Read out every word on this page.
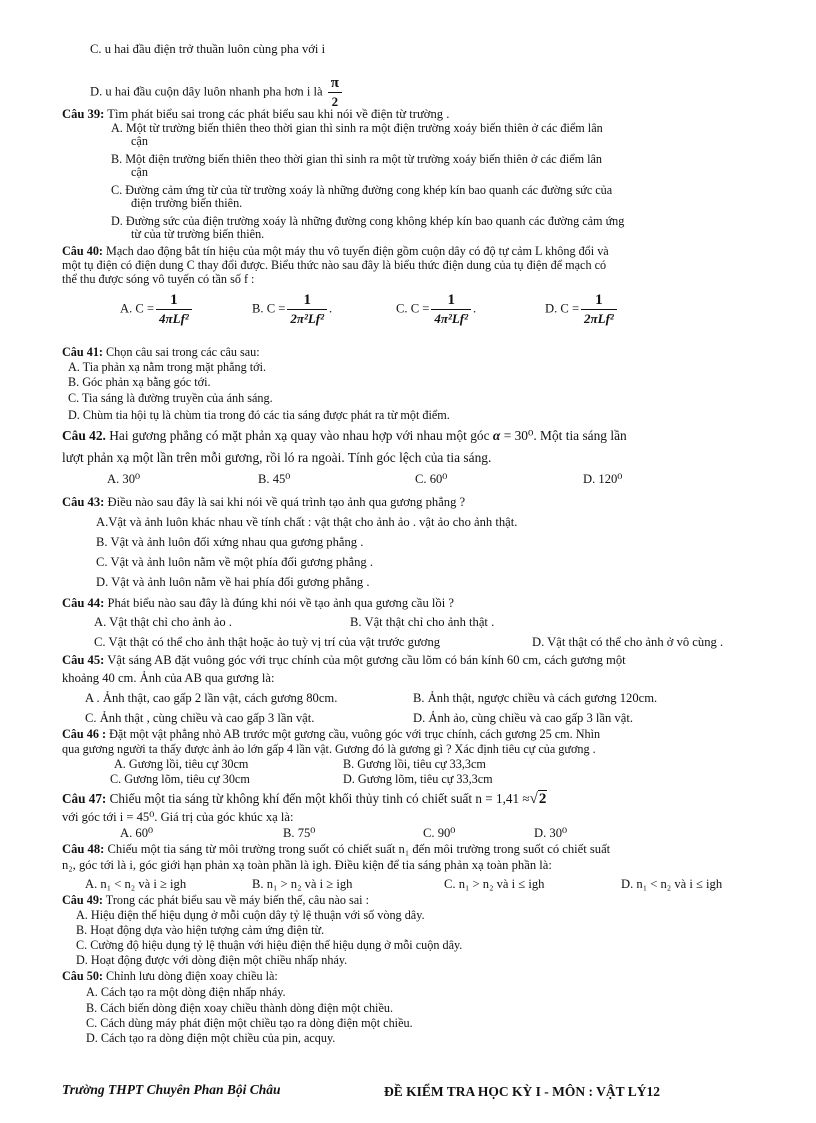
C. u hai đầu điện trở thuần luôn cùng pha với i
D. u hai đầu cuộn dây luôn nhanh pha hơn i là $\frac{\pi}{2}$
Câu 39: Tìm phát biểu sai trong các phát biểu sau khi nói về điện từ trường .
A. Một từ trường biến thiên theo thời gian thì sinh ra một điện trường xoáy biến thiên ở các điểm lân
cận
B. Một điện trường biến thiên theo thời gian thì sinh ra một từ trường xoáy biến thiên ở các điểm lân
cận
C. Đường cảm ứng từ của từ trường xoáy là những đường cong khép kín bao quanh các đường sức của
điện trường biến thiên.
D. Đường sức của điện trường xoáy là những đường cong không khép kín bao quanh các đường cảm ứng
từ của từ trường biến thiên.
Câu 40: Mạch dao động bắt tín hiệu của một máy thu vô tuyến điện gồm cuộn dây có độ tự cảm L không đổi và
một tụ điện có điện dung C thay đổi được. Biểu thức nào sau đây là biểu thức điện dung của tụ điện để mạch có
thể thu được sóng vô tuyến có tần số f :
A. $C = \frac{1}{\text{4πLf²}}$	B. $C = \frac{1}{\text{2π²Lf²}}$ .	C. $C = \frac{1}{\text{4π²Lf²}}$ .	D. $C = \frac{1}{\text{2πLf²}}$
Câu 41: Chọn câu sai trong các câu sau:
A. Tia phản xạ nằm trong mặt phẳng tới.
B. Góc phản xạ bằng góc tới.
C. Tia sáng là đường truyền của ánh sáng.
D. Chùm tia hội tụ là chùm tia trong đó các tia sáng được phát ra từ một điểm.
Câu 42. Hai gương phẳng có mặt phản xạ quay vào nhau hợp với nhau một góc α = 30⁰. Một tia sáng lần
lượt phản xạ một lần trên mỗi gương, rồi ló ra ngoài. Tính góc lệch của tia sáng.
A. 30⁰	B. 45⁰	C. 60⁰	D. 120⁰
Câu 43: Điều nào sau đây là sai khi nói về quá trình tạo ảnh qua gương phẳng ?
A.Vật và ảnh luôn khác nhau về tính chất : vật thật cho ảnh ảo . vật ảo cho ảnh thật.
B. Vật và ảnh luôn đối xứng nhau qua gương phẳng .
C. Vật và ảnh luôn nằm về một phía đối gương phẳng .
D. Vật và ảnh luôn nằm về hai phía đối gương phẳng .
Câu 44: Phát biểu nào sau đây là đúng khi nói về tạo ảnh qua gương cầu lồi ?
A. Vật thật chỉ cho ảnh ảo .	B. Vật thật chỉ cho ảnh thật .
C. Vật thật có thể cho ảnh thật hoặc ảo tuỳ vị trí của vật trước gương	D. Vật thật có thể cho ảnh ở vô cùng .
Câu 45: Vật sáng AB đặt vuông góc với trục chính của một gương cầu lõm có bán kính 60 cm, cách gương một
khoảng 40 cm. Ảnh của AB qua gương là:
A . Ảnh thật, cao gấp 2 lần vật, cách gương 80cm.	B. Ảnh thật, ngược chiều và cách gương 120cm.
C. Ảnh thật , cùng chiều và cao gấp 3 lần vật.	D. Ảnh ảo, cùng chiều và cao gấp 3 lần vật.
Câu 46 : Đặt một vật phẳng nhỏ AB trước một gương cầu, vuông góc với trục chính, cách gương 25 cm. Nhìn
qua gương người ta thấy được ảnh ảo lớn gấp 4 lần vật. Gương đó là gương gì ? Xác định tiêu cự của gương .
A. Gương lồi, tiêu cự 30cm	B. Gương lồi, tiêu cự 33,3cm
C. Gương lõm, tiêu cự 30cm	D. Gương lõm, tiêu cự 33,3cm
Câu 47: Chiếu một tia sáng từ không khí đến một khối thủy tinh có chiết suất n = 1,41 ≈√2
với góc tới i = 45⁰. Giá trị của góc khúc xạ là:
A. 60⁰	B. 75⁰	C. 90⁰	D. 30⁰
Câu 48: Chiếu một tia sáng từ môi trường trong suốt có chiết suất n₁ đến môi trường trong suốt có chiết suất
n₂, góc tới là i, góc giới hạn phản xạ toàn phần là igh. Điều kiện để tia sáng phản xạ toàn phần là:
A. n₁ < n₂ và i ≥ igh	B. n₁ > n₂ và i ≥ igh	C. n₁ > n₂ và i ≤ igh	D. n₁ < n₂ và i ≤ igh
Câu 49: Trong các phát biểu sau về máy biến thế, câu nào sai :
A. Hiệu điện thế hiệu dụng ở mỗi cuộn dây tỷ lệ thuận với số vòng dây.
B. Hoạt động dựa vào hiện tượng cảm ứng điện từ.
C. Cường độ hiệu dụng tỷ lệ thuận với hiệu điện thế hiệu dụng ở mỗi cuộn dây.
D. Hoạt động được với dòng điện một chiều nhấp nháy.
Câu 50: Chỉnh lưu dòng điện xoay chiều là:
A. Cách tạo ra một dòng điện nhấp nháy.
B. Cách biến dòng điện xoay chiều thành dòng điện một chiều.
C. Cách dùng máy phát điện một chiều tạo ra dòng điện một chiều.
D. Cách tạo ra dòng điện một chiều của pin, acquy.
Trường THPT Chuyên Phan Bội Châu	ĐỀ KIỂM TRA HỌC KỲ I - MÔN : VẬT LÝ12
